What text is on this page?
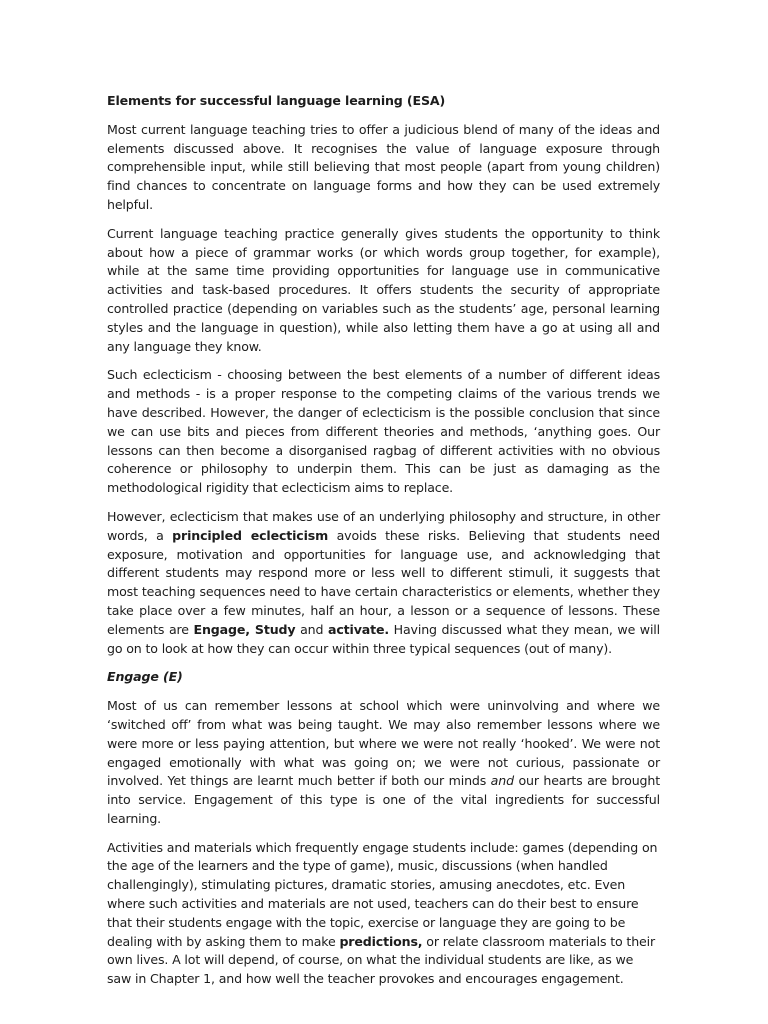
Elements for successful language learning (ESA)

Most current language teaching tries to offer a judicious blend of many of the ideas and elements discussed above. It recognises the value of language exposure through comprehensible input, while still believing that most people (apart from young children) find chances to concentrate on language forms and how they can be used extremely helpful.

Current language teaching practice generally gives students the opportunity to think about how a piece of grammar works (or which words group together, for example), while at the same time providing opportunities for language use in communicative activities and task-based procedures. It offers students the security of appropriate controlled practice (depending on variables such as the students’ age, personal learning styles and the language in question), while also letting them have a go at using all and any language they know.

Such eclecticism - choosing between the best elements of a number of different ideas and methods - is a proper response to the competing claims of the various trends we have described. However, the danger of eclecticism is the possible conclusion that since we can use bits and pieces from different theories and methods, ‘anything goes. Our lessons can then become a disorganised ragbag of different activities with no obvious coherence or philosophy to underpin them. This can be just as damaging as the methodological rigidity that eclecticism aims to replace.

However, eclecticism that makes use of an underlying philosophy and structure, in other words, a principled eclecticism avoids these risks. Believing that students need exposure, motivation and opportunities for language use, and acknowledging that different students may respond more or less well to different stimuli, it suggests that most teaching sequences need to have certain characteristics or elements, whether they take place over a few minutes, half an hour, a lesson or a sequence of lessons. These elements are Engage, Study and activate. Having discussed what they mean, we will go on to look at how they can occur within three typical sequences (out of many).

Engage (E)

Most of us can remember lessons at school which were uninvolving and where we ‘switched off’ from what was being taught. We may also remember lessons where we were more or less paying attention, but where we were not really ‘hooked’. We were not engaged emotionally with what was going on; we were not curious, passionate or involved. Yet things are learnt much better if both our minds and our hearts are brought into service. Engagement of this type is one of the vital ingredients for successful learning.

Activities and materials which frequently engage students include: games (depending on the age of the learners and the type of game), music, discussions (when handled challengingly), stimulating pictures, dramatic stories, amusing anecdotes, etc. Even where such activities and materials are not used, teachers can do their best to ensure that their students engage with the topic, exercise or language they are going to be dealing with by asking them to make predictions, or relate classroom materials to their own lives. A lot will depend, of course, on what the individual students are like, as we saw in Chapter 1, and how well the teacher provokes and encourages engagement.
